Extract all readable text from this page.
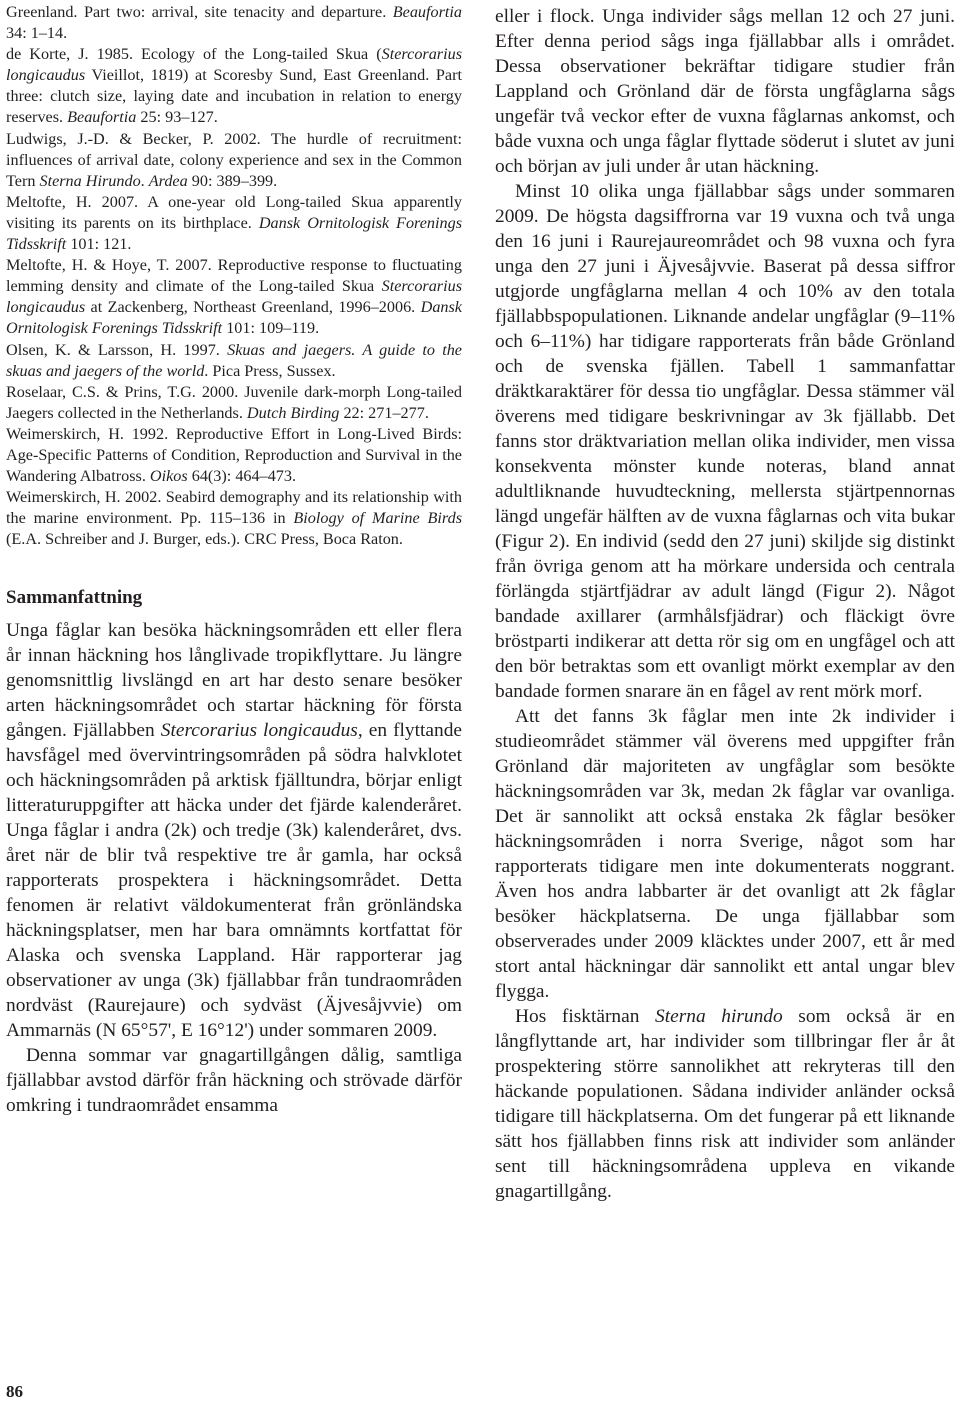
Greenland. Part two: arrival, site tenacity and departure. Beaufortia 34: 1–14.
de Korte, J. 1985. Ecology of the Long-tailed Skua (Stercorarius longicaudus Vieillot, 1819) at Scoresby Sund, East Greenland. Part three: clutch size, laying date and incubation in relation to energy reserves. Beaufortia 25: 93–127.
Ludwigs, J.-D. & Becker, P. 2002. The hurdle of recruitment: influences of arrival date, colony experience and sex in the Common Tern Sterna Hirundo. Ardea 90: 389–399.
Meltofte, H. 2007. A one-year old Long-tailed Skua apparently visiting its parents on its birthplace. Dansk Ornitologisk Forenings Tidsskrift 101: 121.
Meltofte, H. & Hoye, T. 2007. Reproductive response to fluctuating lemming density and climate of the Long-tailed Skua Stercorarius longicaudus at Zackenberg, Northeast Greenland, 1996–2006. Dansk Ornitologisk Forenings Tidsskrift 101: 109–119.
Olsen, K. & Larsson, H. 1997. Skuas and jaegers. A guide to the skuas and jaegers of the world. Pica Press, Sussex.
Roselaar, C.S. & Prins, T.G. 2000. Juvenile dark-morph Long-tailed Jaegers collected in the Netherlands. Dutch Birding 22: 271–277.
Weimerskirch, H. 1992. Reproductive Effort in Long-Lived Birds: Age-Specific Patterns of Condition, Reproduction and Survival in the Wandering Albatross. Oikos 64(3): 464–473.
Weimerskirch, H. 2002. Seabird demography and its relationship with the marine environment. Pp. 115–136 in Biology of Marine Birds (E.A. Schreiber and J. Burger, eds.). CRC Press, Boca Raton.
Sammanfattning

Unga fåglar kan besöka häckningsområden ett eller flera år innan häckning hos långlivade tropikflyttare. Ju längre genomsnittlig livslängd en art har desto senare besöker arten häckningsområdet och startar häckning för första gången. Fjällabben Stercorarius longicaudus, en flyttande havsfågel med övervintringsområden på södra halvklotet och häckningsområden på arktisk fjälltundra, börjar enligt litteraturuppgifter att häcka under det fjärde kalenderåret. Unga fåglar i andra (2k) och tredje (3k) kalenderåret, dvs. året när de blir två respektive tre år gamla, har också rapporterats prospektera i häckningsområdet. Detta fenomen är relativt väldokumenterat från grönländska häckningsplatser, men har bara omnämnts kortfattat för Alaska och svenska Lappland. Här rapporterar jag observationer av unga (3k) fjällabbar från tundraområden nordväst (Raurejaure) och sydväst (Äjvesåjvvie) om Ammarnäs (N 65°57', E 16°12') under sommaren 2009.

Denna sommar var gnagartillgången dålig, samtliga fjällabbar avstod därför från häckning och strövade därför omkring i tundraområdet ensamma

eller i flock. Unga individer sågs mellan 12 och 27 juni. Efter denna period sågs inga fjällabbar alls i området. Dessa observationer bekräftar tidigare studier från Lappland och Grönland där de första ungfåglarna sågs ungefär två veckor efter de vuxna fåglarnas ankomst, och både vuxna och unga fåglar flyttade söderut i slutet av juni och början av juli under år utan häckning.

Minst 10 olika unga fjällabbar sågs under sommaren 2009. De högsta dagsiffrorna var 19 vuxna och två unga den 16 juni i Raurejaureområdet och 98 vuxna och fyra unga den 27 juni i Äjvesåjvvie. Baserat på dessa siffror utgjorde ungfåglarna mellan 4 och 10% av den totala fjällabbspopulationen. Liknande andelar ungfåglar (9–11% och 6–11%) har tidigare rapporterats från både Grönland och de svenska fjällen. Tabell 1 sammanfattar dräktkaraktärer för dessa tio ungfåglar. Dessa stämmer väl överens med tidigare beskrivningar av 3k fjällabb. Det fanns stor dräktvariation mellan olika individer, men vissa konsekventa mönster kunde noteras, bland annat adultliknande huvudteckning, mellersta stjärtpennornas längd ungefär hälften av de vuxna fåglarnas och vita bukar (Figur 2). En individ (sedd den 27 juni) skiljde sig distinkt från övriga genom att ha mörkare undersida och centrala förlängda stjärtfjädrar av adult längd (Figur 2). Något bandade axillarer (armhålsfjädrar) och fläckigt övre bröstparti indikerar att detta rör sig om en ungfågel och att den bör betraktas som ett ovanligt mörkt exemplar av den bandade formen snarare än en fågel av rent mörk morf.

Att det fanns 3k fåglar men inte 2k individer i studieområdet stämmer väl överens med uppgifter från Grönland där majoriteten av ungfåglar som besökte häckningsområden var 3k, medan 2k fåglar var ovanliga. Det är sannolikt att också enstaka 2k fåglar besöker häckningsområden i norra Sverige, något som har rapporterats tidigare men inte dokumenterats noggrant. Även hos andra labbarter är det ovanligt att 2k fåglar besöker häckplatserna. De unga fjällabbar som observerades under 2009 kläcktes under 2007, ett år med stort antal häckningar där sannolikt ett antal ungar blev flygga.

Hos fisktärnan Sterna hirundo som också är en långflyttande art, har individer som tillbringar fler år åt prospektering större sannolikhet att rekryteras till den häckande populationen. Sådana individer anländer också tidigare till häckplatserna. Om det fungerar på ett liknande sätt hos fjällabben finns risk att individer som anländer sent till häckningsområdena upplevа en vikande gnagartillgång.

86
